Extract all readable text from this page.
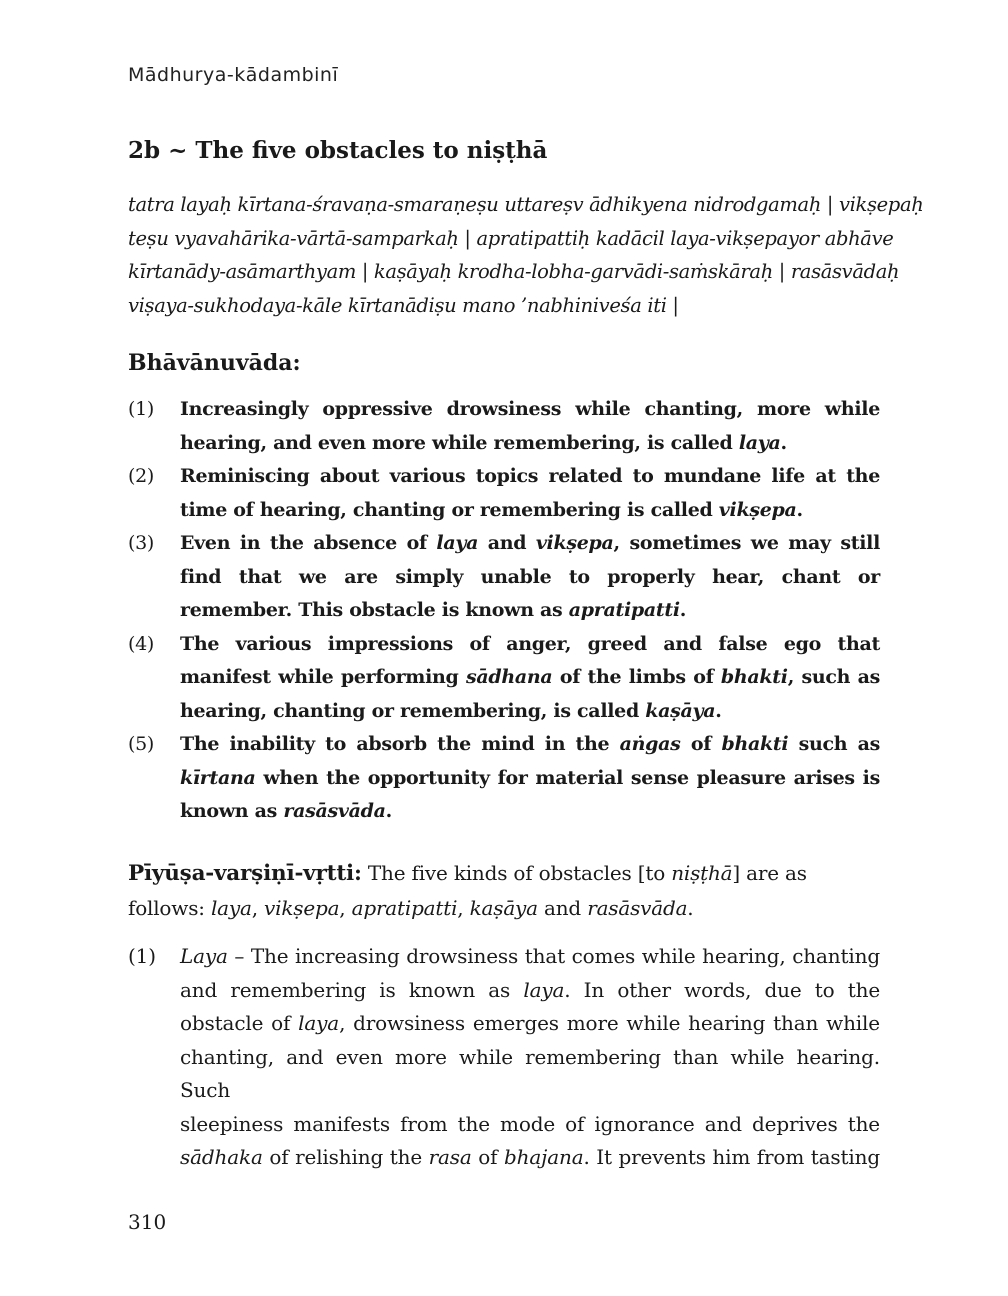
Mādhurya-kādambinī
2b ~ The five obstacles to niṣṭhā

tatra layaḥ kīrtana-śravaṇa-smaraṇeṣu uttareṣv ādhikyena nidrodgamaḥ | vikṣepaḥ
teṣu vyavahārika-vārtā-samparkaḥ | apratipattiḥ kadācil laya-vikṣepayor abhāve
kīrtanādy-asāmarthyam | kaṣāyaḥ krodha-lobha-garvādi-saṁskāraḥ | rasāsvādaḥ
viṣaya-sukhodaya-kāle kīrtanādiṣu mano ’nabhiniveśa iti |

Bhāvānuvāda:
(1) Increasingly oppressive drowsiness while chanting, more while hearing, and even more while remembering, is called laya.
(2) Reminiscing about various topics related to mundane life at the time of hearing, chanting or remembering is called vikṣepa.
(3) Even in the absence of laya and vikṣepa, sometimes we may still find that we are simply unable to properly hear, chant or remember. This obstacle is known as apratipatti.
(4) The various impressions of anger, greed and false ego that manifest while performing sādhana of the limbs of bhakti, such as hearing, chanting or remembering, is called kaṣāya.
(5) The inability to absorb the mind in the aṅgas of bhakti such as kīrtana when the opportunity for material sense pleasure arises is known as rasāsvāda.

Pīyūṣa-varṣiṇī-vṛtti: The five kinds of obstacles [to niṣṭhā] are as follows: laya, vikṣepa, apratipatti, kaṣāya and rasāsvāda.

(1) Laya – The increasing drowsiness that comes while hearing, chanting
and remembering is known as laya. In other words, due to the
obstacle of laya, drowsiness emerges more while hearing than while
chanting, and even more while remembering than while hearing. Such
sleepiness manifests from the mode of ignorance and deprives the
sādhaka of relishing the rasa of bhajana. It prevents him from tasting
310
